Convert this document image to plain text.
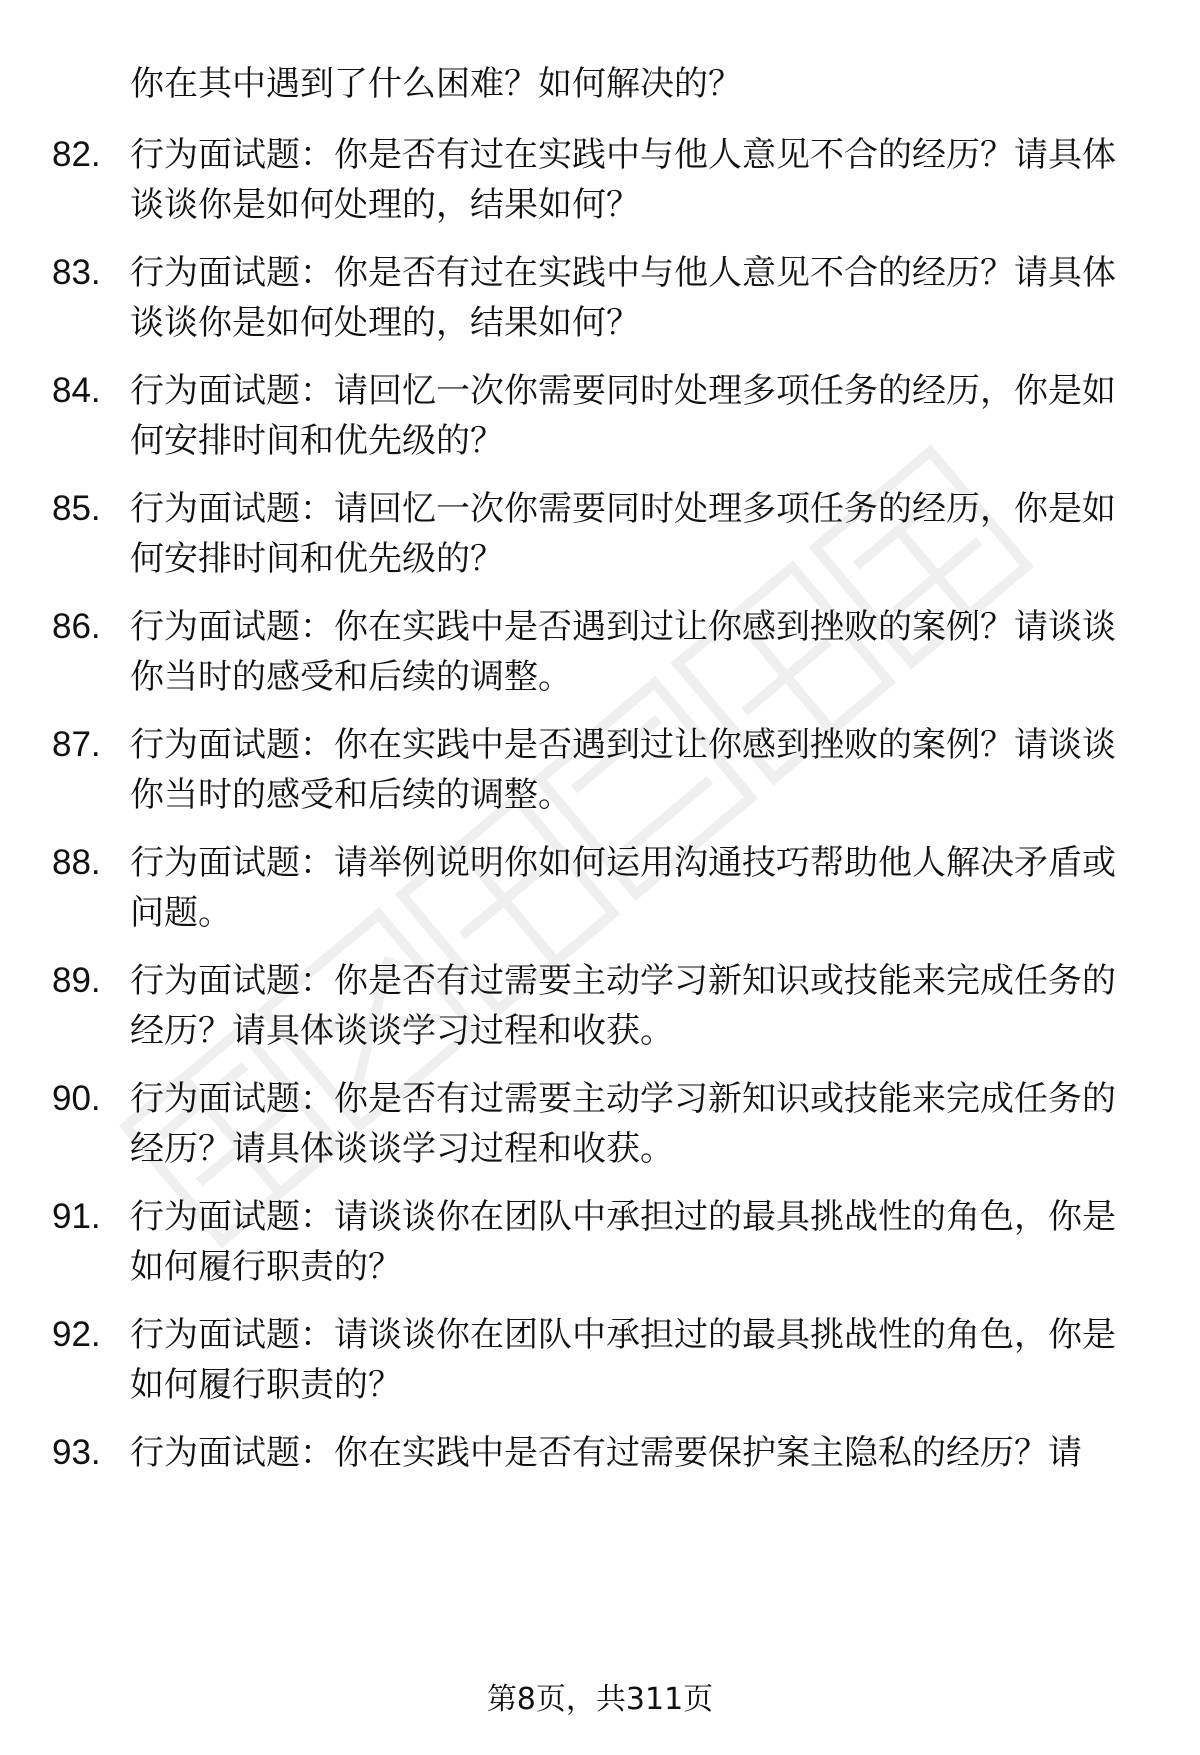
你在其中遇到了什么困难？如何解决的？
82. 行为面试题：你是否有过在实践中与他人意见不合的经历？请具体谈谈你是如何处理的，结果如何？
83. 行为面试题：你是否有过在实践中与他人意见不合的经历？请具体谈谈你是如何处理的，结果如何？
84. 行为面试题：请回忆一次你需要同时处理多项任务的经历，你是如何安排时间和优先级的？
85. 行为面试题：请回忆一次你需要同时处理多项任务的经历，你是如何安排时间和优先级的？
86. 行为面试题：你在实践中是否遇到过让你感到挫败的案例？请谈谈你当时的感受和后续的调整。
87. 行为面试题：你在实践中是否遇到过让你感到挫败的案例？请谈谈你当时的感受和后续的调整。
88. 行为面试题：请举例说明你如何运用沟通技巧帮助他人解决矛盾或问题。
89. 行为面试题：你是否有过需要主动学习新知识或技能来完成任务的经历？请具体谈谈学习过程和收获。
90. 行为面试题：你是否有过需要主动学习新知识或技能来完成任务的经历？请具体谈谈学习过程和收获。
91. 行为面试题：请谈谈你在团队中承担过的最具挑战性的角色，你是如何履行职责的？
92. 行为面试题：请谈谈你在团队中承担过的最具挑战性的角色，你是如何履行职责的？
93. 行为面试题：你在实践中是否有过需要保护案主隐私的经历？请
第8页，共311页
